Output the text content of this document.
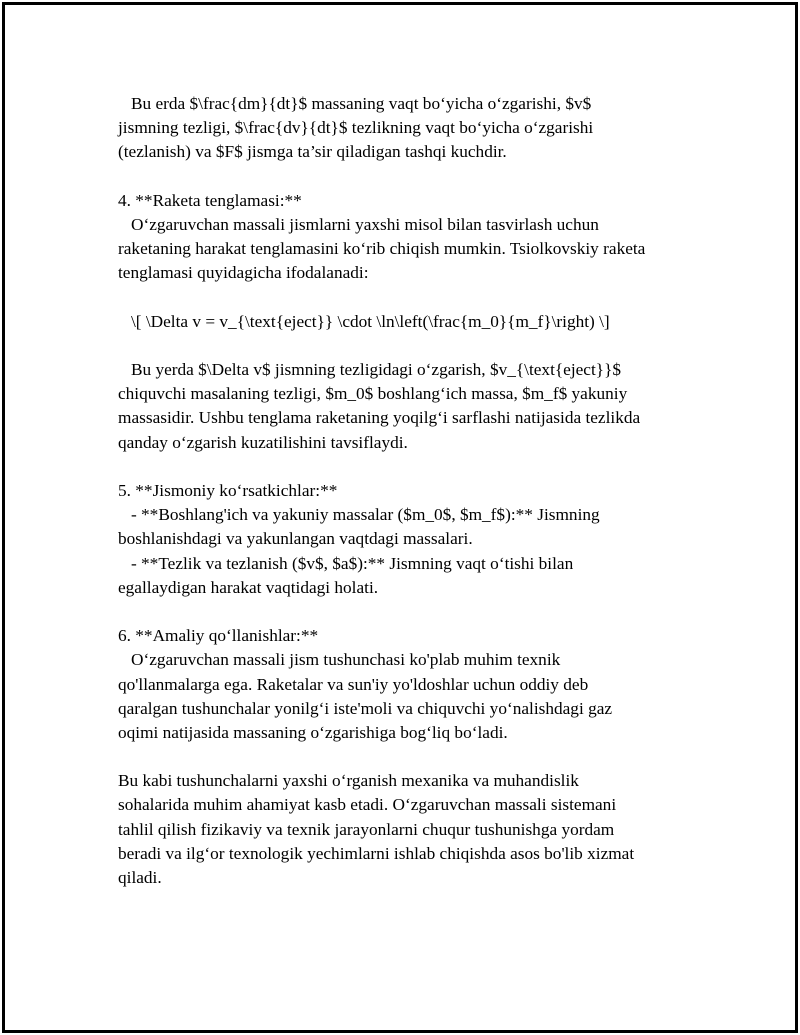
Bu erda $\frac{dm}{dt}$ massaning vaqt bo‘yicha o‘zgarishi, $v$
jismning tezligi, $\frac{dv}{dt}$ tezlikning vaqt bo‘yicha o‘zgarishi
(tezlanish) va $F$ jismga ta’sir qiladigan tashqi kuchdir.
4. **Raketa tenglamasi:**
O‘zgaruvchan massali jismlarni yaxshi misol bilan tasvirlash uchun
raketaning harakat tenglamasini ko‘rib chiqish mumkin. Tsiolkovskiy raketa
tenglamasi quyidagicha ifodalanadi:
\[ \Delta v = v_{\text{eject}} \cdot \ln\left(\frac{m_0}{m_f}\right) \]
Bu yerda $\Delta v$ jismning tezligidagi o‘zgarish, $v_{\text{eject}}$
chiquvchi masalaning tezligi, $m_0$ boshlang‘ich massa, $m_f$ yakuniy
massasidir. Ushbu tenglama raketaning yoqilg‘i sarflashi natijasida tezlikda
qanday o‘zgarish kuzatilishini tavsiflaydi.
5. **Jismoniy ko‘rsatkichlar:**
- **Boshlang'ich va yakuniy massalar ($m_0$, $m_f$):** Jismning
boshlanishdagi va yakunlangan vaqtdagi massalari.
- **Tezlik va tezlanish ($v$, $a$):** Jismning vaqt o‘tishi bilan
egallaydigan harakat vaqtidagi holati.
6. **Amaliy qo‘llanishlar:**
O‘zgaruvchan massali jism tushunchasi ko'plab muhim texnik
qo'llanmalarga ega. Raketalar va sun'iy yo'ldoshlar uchun oddiy deb
qaralgan tushunchalar yonilg‘i iste'moli va chiquvchi yo‘nalishdagi gaz
oqimi natijasida massaning o‘zgarishiga bog‘liq bo‘ladi.
Bu kabi tushunchalarni yaxshi o‘rganish mexanika va muhandislik
sohalarida muhim ahamiyat kasb etadi. O‘zgaruvchan massali sistemani
tahlil qilish fizikaviy va texnik jarayonlarni chuqur tushunishga yordam
beradi va ilg‘or texnologik yechimlarni ishlab chiqishda asos bo'lib xizmat
qiladi.
